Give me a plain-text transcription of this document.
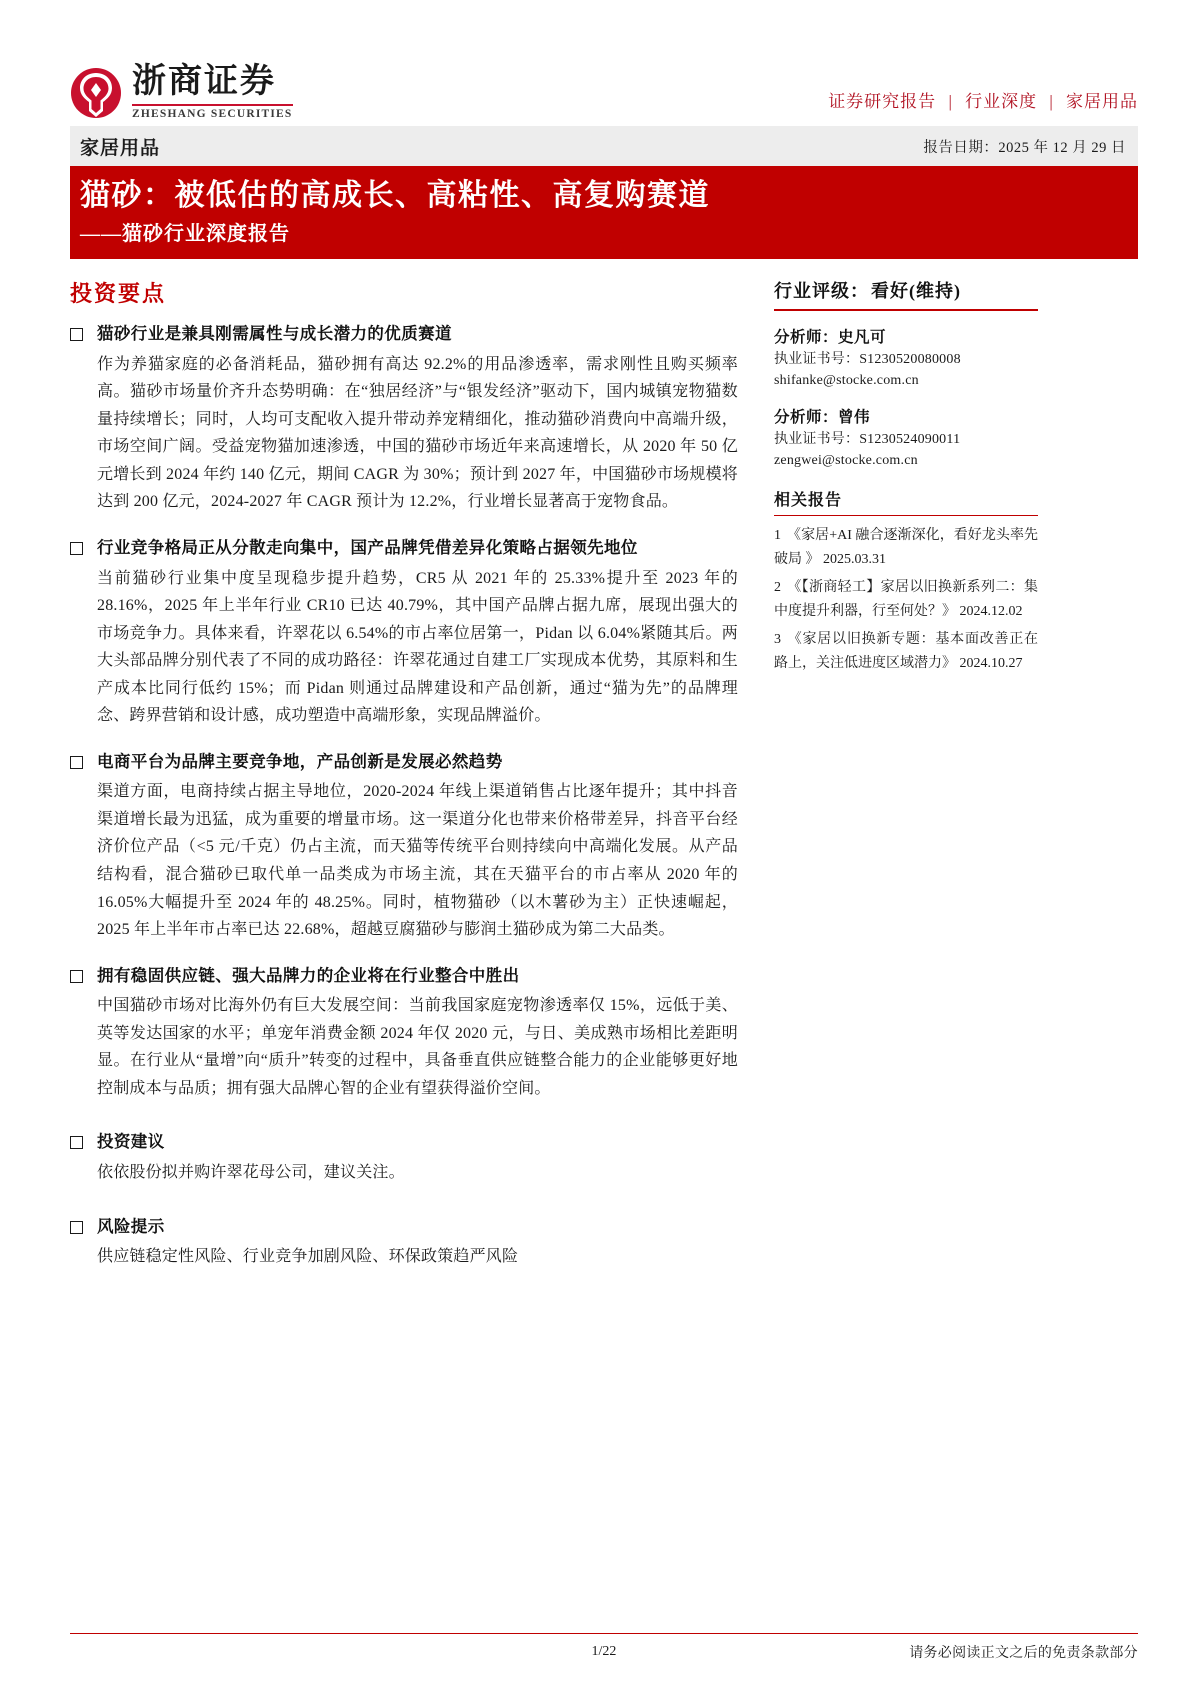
浙商证券
ZHESHANG SECURITIES
证券研究报告 | 行业深度 | 家居用品
家居用品	报告日期：2025 年 12 月 29 日
猫砂：被低估的高成长、高粘性、高复购赛道
——猫砂行业深度报告
投资要点
猫砂行业是兼具刚需属性与成长潜力的优质赛道
作为养猫家庭的必备消耗品，猫砂拥有高达 92.2%的用品渗透率，需求刚性且购买频率高。猫砂市场量价齐升态势明确：在“独居经济”与“银发经济”驱动下，国内城镇宠物猫数量持续增长；同时，人均可支配收入提升带动养宠精细化，推动猫砂消费向中高端升级，市场空间广阔。受益宠物猫加速渗透，中国的猫砂市场近年来高速增长，从 2020 年 50 亿元增长到 2024 年约 140 亿元，期间 CAGR 为 30%；预计到 2027 年，中国猫砂市场规模将达到 200 亿元，2024-2027 年 CAGR 预计为 12.2%，行业增长显著高于宠物食品。
行业竞争格局正从分散走向集中，国产品牌凭借差异化策略占据领先地位
当前猫砂行业集中度呈现稳步提升趋势，CR5 从 2021 年的 25.33%提升至 2023 年的 28.16%，2025 年上半年行业 CR10 已达 40.79%，其中国产品牌占据九席，展现出强大的市场竞争力。具体来看，许翠花以 6.54%的市占率位居第一，Pidan 以 6.04%紧随其后。两大头部品牌分别代表了不同的成功路径：许翠花通过自建工厂实现成本优势，其原料和生产成本比同行低约 15%；而 Pidan 则通过品牌建设和产品创新，通过“猫为先”的品牌理念、跨界营销和设计感，成功塑造中高端形象，实现品牌溢价。
电商平台为品牌主要竞争地，产品创新是发展必然趋势
渠道方面，电商持续占据主导地位，2020-2024 年线上渠道销售占比逐年提升；其中抖音渠道增长最为迅猛，成为重要的增量市场。这一渠道分化也带来价格带差异，抖音平台经济价位产品（<5 元/千克）仍占主流，而天猫等传统平台则持续向中高端化发展。从产品结构看，混合猫砂已取代单一品类成为市场主流，其在天猫平台的市占率从 2020 年的 16.05%大幅提升至 2024 年的 48.25%。同时，植物猫砂（以木薯砂为主）正快速崛起，2025 年上半年市占率已达 22.68%，超越豆腐猫砂与膨润土猫砂成为第二大品类。
拥有稳固供应链、强大品牌力的企业将在行业整合中胜出
中国猫砂市场对比海外仍有巨大发展空间：当前我国家庭宠物渗透率仅 15%，远低于美、英等发达国家的水平；单宠年消费金额 2024 年仅 2020 元，与日、美成熟市场相比差距明显。在行业从“量增”向“质升”转变的过程中，具备垂直供应链整合能力的企业能够更好地控制成本与品质；拥有强大品牌心智的企业有望获得溢价空间。
投资建议
依依股份拟并购许翠花母公司，建议关注。
风险提示
供应链稳定性风险、行业竞争加剧风险、环保政策趋严风险
行业评级： 看好(维持)
分析师：史凡可
执业证书号：S1230520080008
shifanke@stocke.com.cn
分析师：曾伟
执业证书号：S1230524090011
zengwei@stocke.com.cn
相关报告
1 《家居+AI 融合逐渐深化，看好龙头率先破局 》 2025.03.31
2 《【浙商轻工】家居以旧换新系列二：集中度提升利器，行至何处？》 2024.12.02
3 《家居以旧换新专题：基本面改善正在路上，关注低进度区域潜力》 2024.10.27
1/22	请务必阅读正文之后的免责条款部分
